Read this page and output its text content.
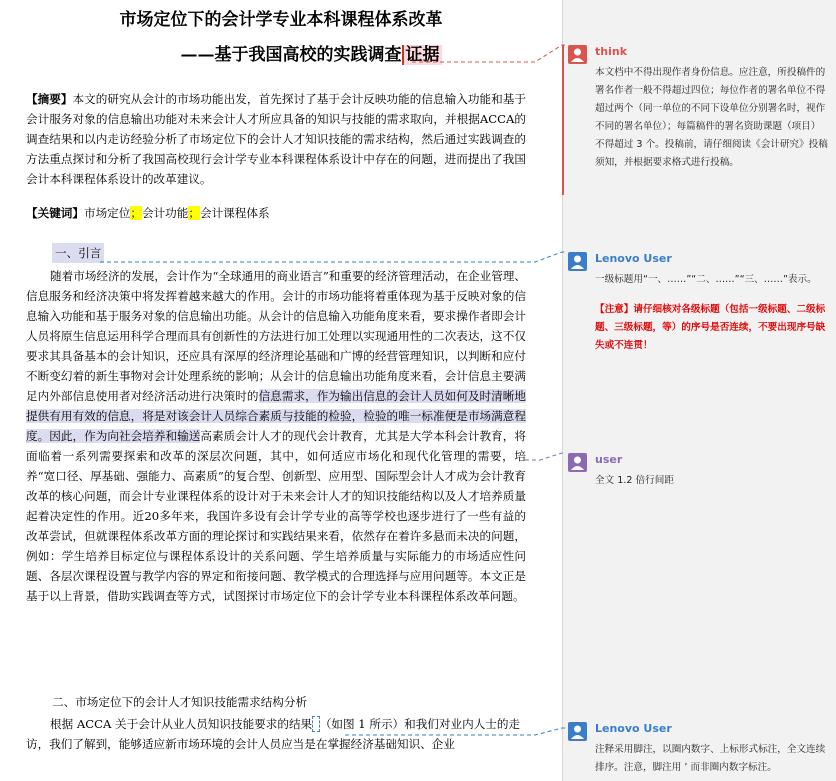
市场定位下的会计学专业本科课程体系改革
——基于我国高校的实践调查 证据
【摘要】本文的研究从会计的市场功能出发，首先探讨了基于会计反映功能的信息输入功能和基于会计服务对象的信息输出功能对未来会计人才所应具备的知识与技能的需求取向，并根据ACCA的调查结果和以内走访经验分析了市场定位下的会计人才知识技能的需求结构，然后通过实践调查的方法重点探讨和分析了我国高校现行会计学专业本科课程体系设计中存在的问题，进而提出了我国会计本科课程体系设计的改革建议。
【关键词】市场定位；会计功能；会计课程体系
一、引言
随着市场经济的发展，会计作为“全球通用的商业语言”和重要的经济管理活动，在企业管理、信息服务和经济决策中将发挥着越来越大的作用。会计的市场功能将着重体现为基于反映对象的信息输入功能和基于服务对象的信息输出功能。从会计的信息输入功能角度来看，要求操作者即会计人员将原生信息运用科学合理而具有创新性的方法进行加工处理以实现通用性的二次表达，这不仅要求其具备基本的会计知识，还应具有深厚的经济理论基础和广博的经营管理知识，以判断和应付不断变幻着的新生事物对会计处理系统的影响；从会计的信息输出功能角度来看，会计信息主要满足内外部信息使用者对经济活动进行决策时的信息需求，作为输出信息的会计人员如何及时清晰地提供有用有效的信息，将是对该会计人员综合素质与技能的检验，检验的唯一标准便是市场满意程度。因此，作为向社会培养和输送高素质会计人才的现代会计教育，尤其是大学本科会计教育，将面临着一系列需要探索和改革的深层次问题，其中，如何适应市场化和现代化管理的需要，培养“宽口径、厚基础、强能力、高素质”的复合型、创新型、应用型、国际型会计人才成为会计教育改革的核心问题，而会计专业课程体系的设计对于未来会计人才的知识技能结构以及人才培养质量起着决定性的作用。近20多年来，我国许多设有会计学专业的高等学校也逐步进行了一些有益的改革尝试，但就课程体系改革方面的理论探讨和实践结果来看，依然存在着许多悬而未决的问题，例如：学生培养目标定位与课程体系设计的关系问题、学生培养质量与实际能力的市场适应性问题、各层次课程设置与教学内容的界定和衔接问题、教学模式的合理选择与应用问题等。本文正是基于以上背景，借助实践调查等方式，试图探讨市场定位下的会计学专业本科课程体系改革问题。
二、市场定位下的会计人才知识技能需求结构分析
根据 ACCA 关于会计从业人员知识技能要求的结果 （如图 1 所示）和我们对业内人士的走访，我们了解到，能够适应新市场环境的会计人员应当是在掌握经济基础知识、企业
think
本文档中不得出现作者身份信息。应注意，所投稿件的署名作者一般不得超过四位；每位作者的署名单位不得超过两个（同一单位的不同下设单位分别署名时，视作不同的署名单位）；每篇稿件的署名资助课题（项目）不得超过 3 个。投稿前，请仔细阅读《会计研究》投稿须知，并根据要求格式进行投稿。
Lenovo User
一级标题用“一、……”“二、……”“三、……”表示。
【注意】请仔细核对各级标题（包括一级标题、二级标题、三级标题，等）的序号是否连续，不要出现序号缺失或不连贯！
user
全文 1.2 倍行间距
Lenovo User
注释采用脚注，以圈内数字、上标形式标注，全文连续排序。注意，脚注用 ’ 而非圈内数字标注。
